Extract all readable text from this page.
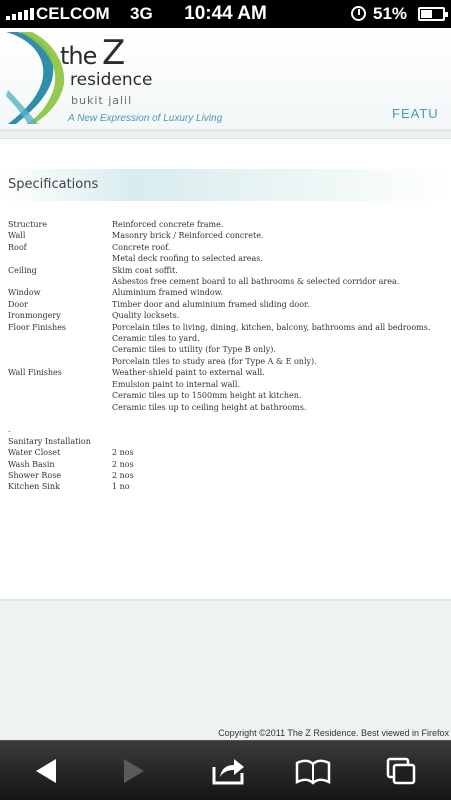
CELCOM 3G	10:44 AM	51%
the Z
residence
bukit jalil
A New Expression of Luxury Living	FEATU
Specifications
Structure	Reinforced concrete frame.
Wall	Masonry brick / Reinforced concrete.
Roof	Concrete roof.
Metal deck roofing to selected areas.
Ceiling	Skim coat soffit.
Asbestos free cement board to all bathrooms & selected corridor area.
Window	Aluminium framed window.
Door	Timber door and aluminium framed sliding door.
Ironmongery	Quality locksets.
Floor Finishes	Porcelain tiles to living, dining, kitchen, balcony, bathrooms and all bedrooms.
Ceramic tiles to yard.
Ceramic tiles to utility (for Type B only).
Porcelain tiles to study area (for Type A & E only).
Wall Finishes	Weather-shield paint to external wall.
Emulsion paint to internal wall.
Ceramic tiles up to 1500mm height at kitchen.
Ceramic tiles up to ceiling height at bathrooms.

.

Sanitary Installation

Water Closet	2 nos
Wash Basin	2 nos
Shower Rose	2 nos
Kitchen Sink	1 no
Copyright ©2011 The Z Residence. Best viewed in Firefox
